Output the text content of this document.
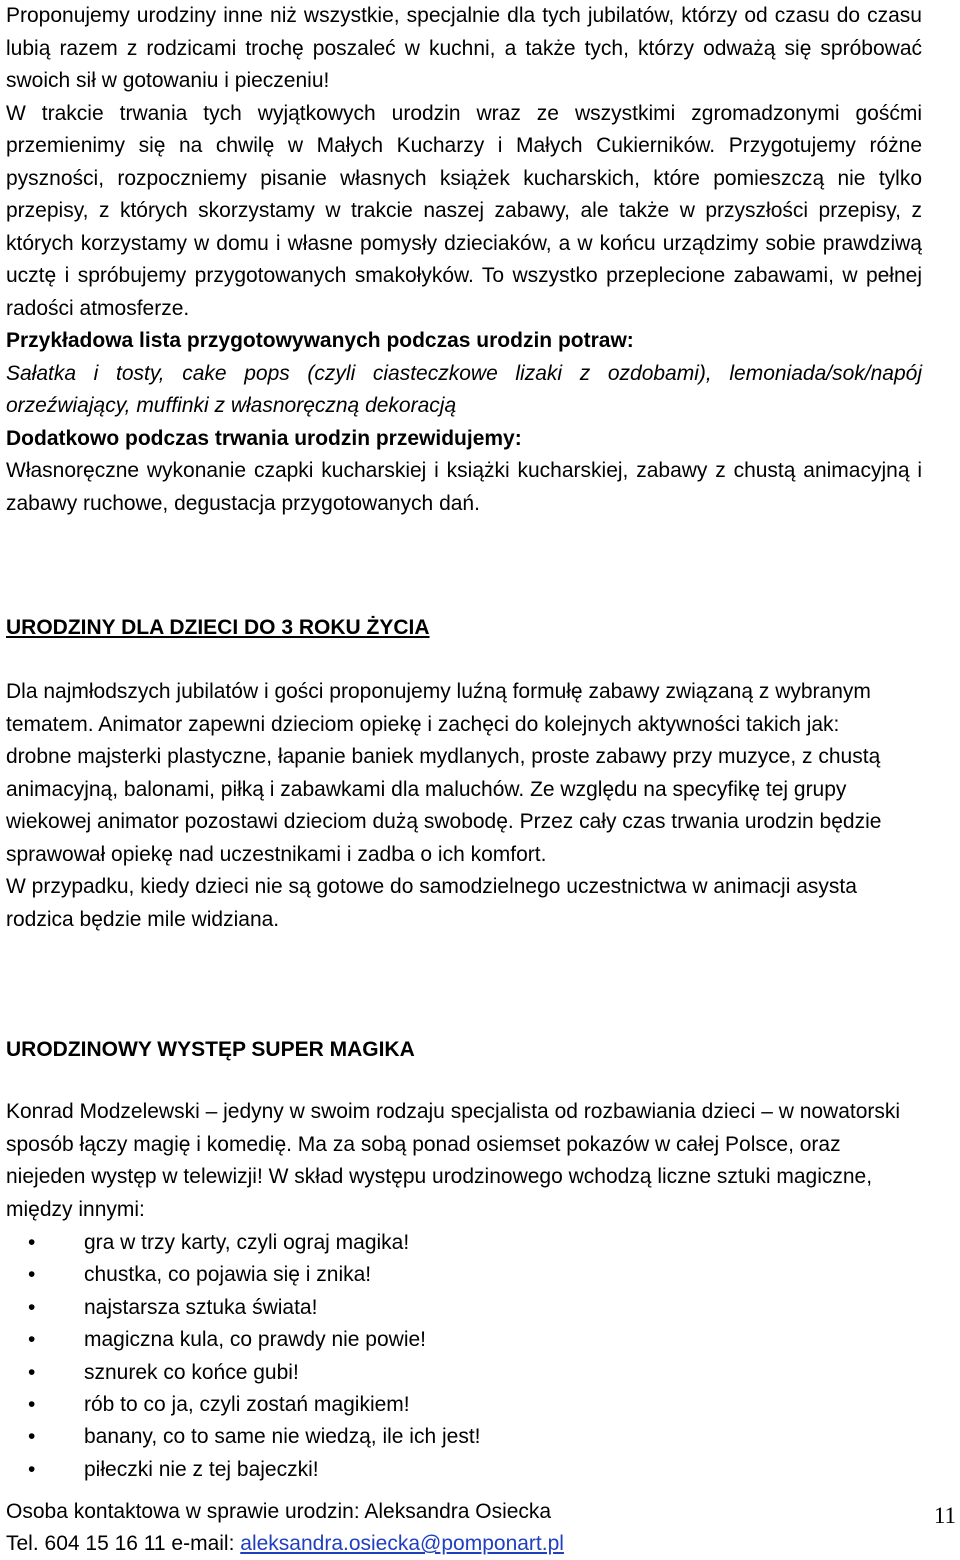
Proponujemy urodziny inne niż wszystkie, specjalnie dla tych jubilatów, którzy od czasu do czasu lubią razem z rodzicami trochę poszaleć w kuchni, a także tych, którzy odważą się spróbować swoich sił w gotowaniu i pieczeniu!
W trakcie trwania tych wyjątkowych urodzin wraz ze wszystkimi zgromadzonymi gośćmi przemienimy się na chwilę w Małych Kucharzy i Małych Cukierników. Przygotujemy różne pyszności, rozpoczniemy pisanie własnych książek kucharskich, które pomieszczą nie tylko przepisy, z których skorzystamy w trakcie naszej zabawy, ale także w przyszłości przepisy, z których korzystamy w domu i własne pomysły dzieciaków, a w końcu urządzimy sobie prawdziwą ucztę i spróbujemy przygotowanych smakołyków. To wszystko przeplecione zabawami, w pełnej radości atmosferze.
Przykładowa lista przygotowywanych podczas urodzin potraw:
Sałatka i tosty, cake pops (czyli ciasteczkowe lizaki z ozdobami), lemoniada/sok/napój orzeźwiający, muffinki z własnoręczną dekoracją
Dodatkowo podczas trwania urodzin przewidujemy:
Własnoręczne wykonanie czapki kucharskiej i książki kucharskiej, zabawy z chustą animacyjną i zabawy ruchowe, degustacja przygotowanych dań.
URODZINY DLA DZIECI DO 3 ROKU ŻYCIA
Dla najmłodszych jubilatów i gości proponujemy luźną formułę zabawy związaną z wybranym tematem. Animator zapewni dzieciom opiekę i zachęci do kolejnych aktywności takich jak: drobne majsterki plastyczne, łapanie baniek mydlanych, proste zabawy przy muzyce, z chustą animacyjną, balonami, piłką i zabawkami dla maluchów. Ze względu na specyfikę tej grupy wiekowej animator pozostawi dzieciom dużą swobodę. Przez cały czas trwania urodzin będzie sprawował opiekę nad uczestnikami i zadba o ich komfort.
W przypadku, kiedy dzieci nie są gotowe do samodzielnego uczestnictwa w animacji asysta rodzica będzie mile widziana.
URODZINOWY WYSTĘP SUPER MAGIKA
Konrad Modzelewski – jedyny w swoim rodzaju specjalista od rozbawiania dzieci – w nowatorski sposób łączy magię i komedię. Ma za sobą ponad osiemset pokazów w całej Polsce, oraz niejeden występ w telewizji! W skład występu urodzinowego wchodzą liczne sztuki magiczne, między innymi:
• gra w trzy karty, czyli ograj magika!
• chustka, co pojawia się i znika!
• najstarsza sztuka świata!
• magiczna kula, co prawdy nie powie!
• sznurek co końce gubi!
• rób to co ja, czyli zostań magikiem!
• banany, co to same nie wiedzą, ile ich jest!
• piłeczki nie z tej bajeczki!
Osoba kontaktowa w sprawie urodzin: Aleksandra Osiecka
Tel. 604 15 16 11 e-mail: aleksandra.osiecka@pomponart.pl
11
